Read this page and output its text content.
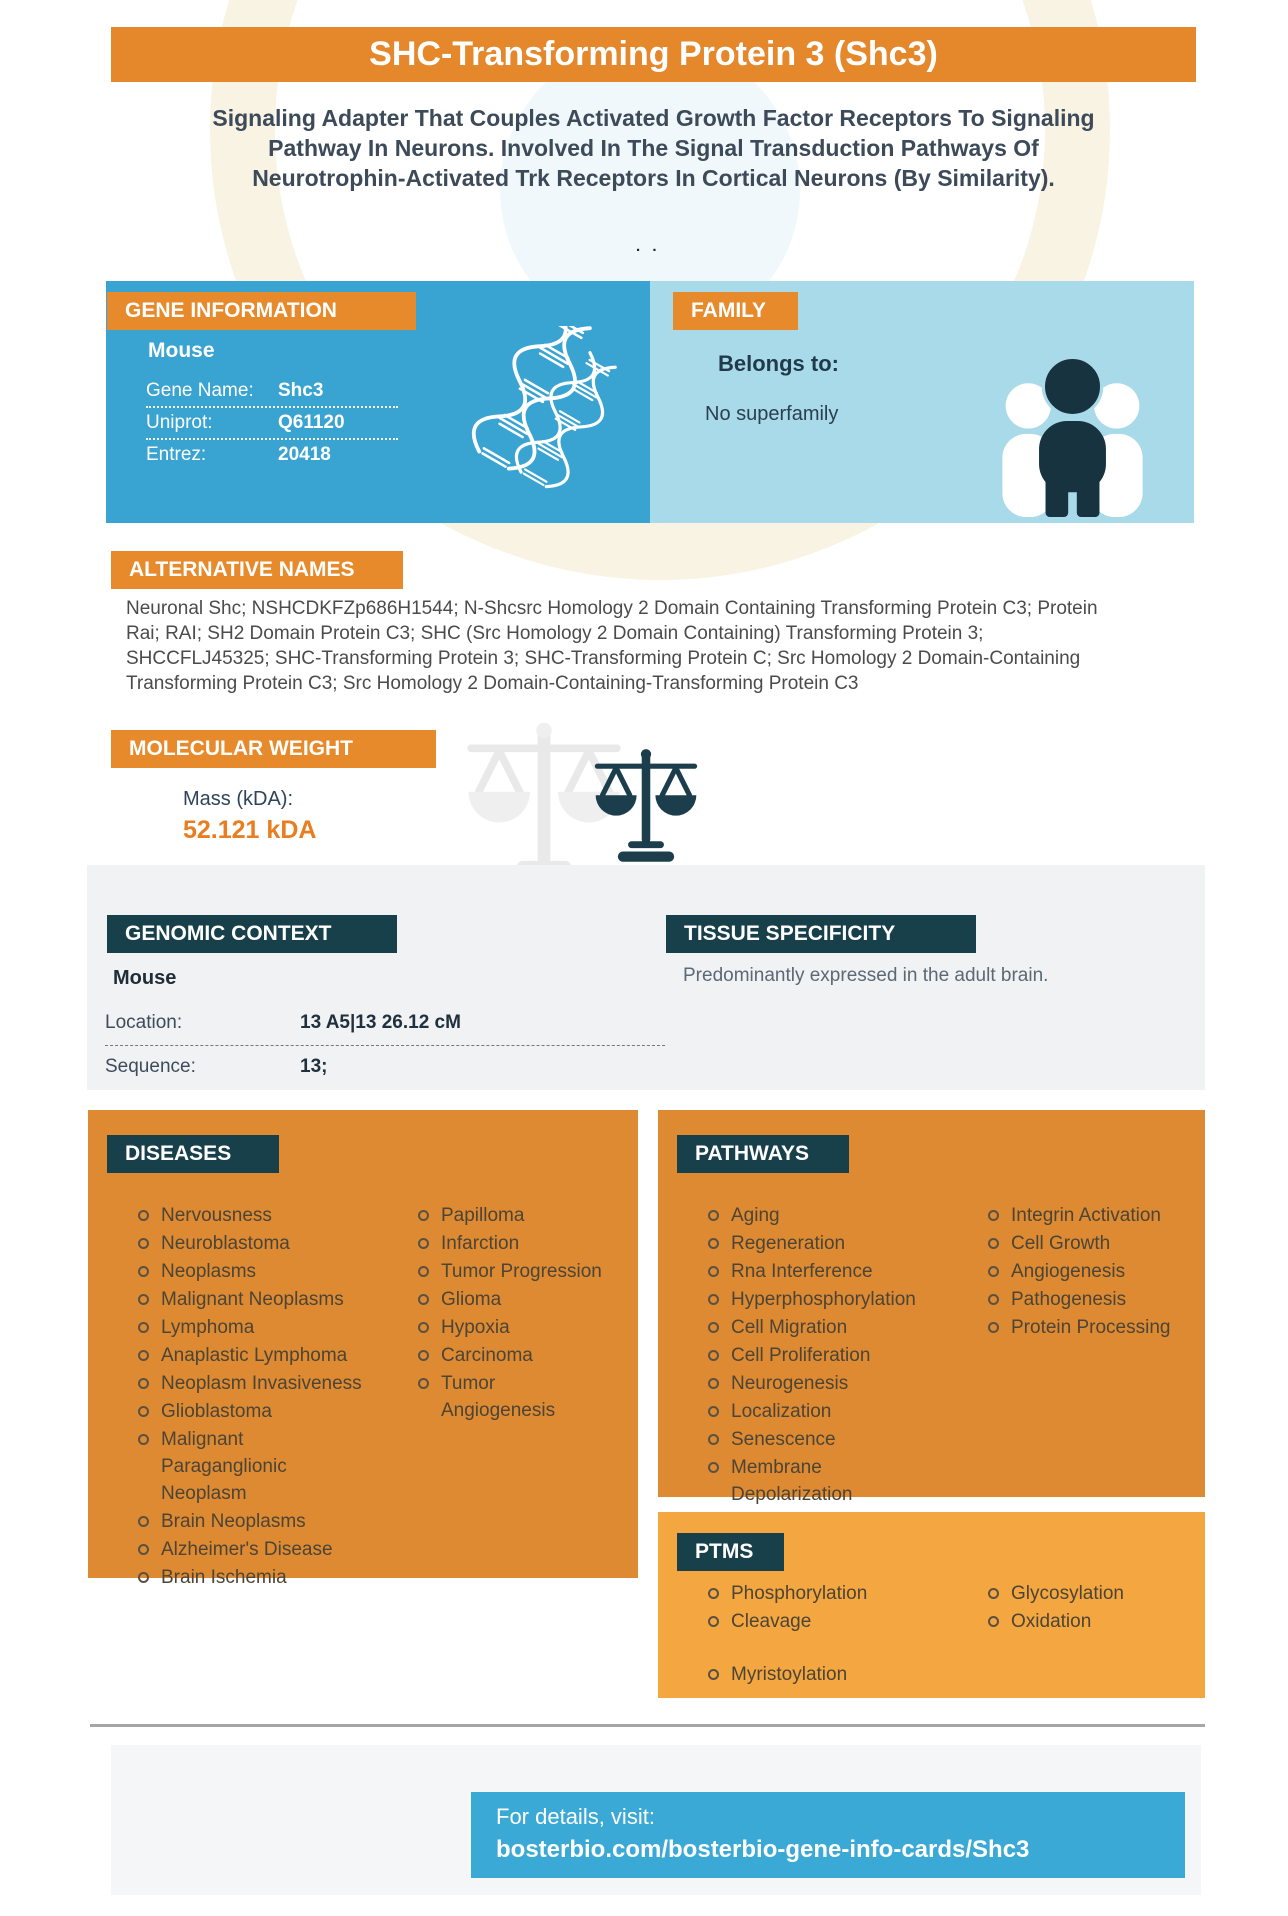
SHC-Transforming Protein 3 (Shc3)
Signaling Adapter That Couples Activated Growth Factor Receptors To Signaling
Pathway In Neurons. Involved In The Signal Transduction Pathways Of
Neurotrophin-Activated Trk Receptors In Cortical Neurons (By Similarity).
. .
GENE INFORMATION
Mouse
Gene Name:	Shc3
Uniprot:	Q61120
Entrez:	20418
FAMILY
Belongs to:
No superfamily
ALTERNATIVE NAMES
Neuronal Shc; NSHCDKFZp686H1544; N-Shcsrc Homology 2 Domain Containing Transforming Protein C3; Protein
Rai; RAI; SH2 Domain Protein C3; SHC (Src Homology 2 Domain Containing) Transforming Protein 3;
SHCCFLJ45325; SHC-Transforming Protein 3; SHC-Transforming Protein C; Src Homology 2 Domain-Containing
Transforming Protein C3; Src Homology 2 Domain-Containing-Transforming Protein C3
MOLECULAR WEIGHT
Mass (kDA):
52.121 kDA
GENOMIC CONTEXT
Mouse
Location:	13 A5|13 26.12 cM
Sequence:	13;
TISSUE SPECIFICITY
Predominantly expressed in the adult brain.
DISEASES
Nervousness
Neuroblastoma
Neoplasms
Malignant Neoplasms
Lymphoma
Anaplastic Lymphoma
Neoplasm Invasiveness
Glioblastoma
Malignant Paraganglionic Neoplasm
Brain Neoplasms
Alzheimer's Disease
Brain Ischemia
Papilloma
Infarction
Tumor Progression
Glioma
Hypoxia
Carcinoma
Tumor Angiogenesis
PATHWAYS
Aging
Regeneration
Rna Interference
Hyperphosphorylation
Cell Migration
Cell Proliferation
Neurogenesis
Localization
Senescence
Membrane Depolarization
Integrin Activation
Cell Growth
Angiogenesis
Pathogenesis
Protein Processing
PTMS
Phosphorylation
Cleavage
Myristoylation
Glycosylation
Oxidation
For details, visit:
bosterbio.com/bosterbio-gene-info-cards/Shc3
